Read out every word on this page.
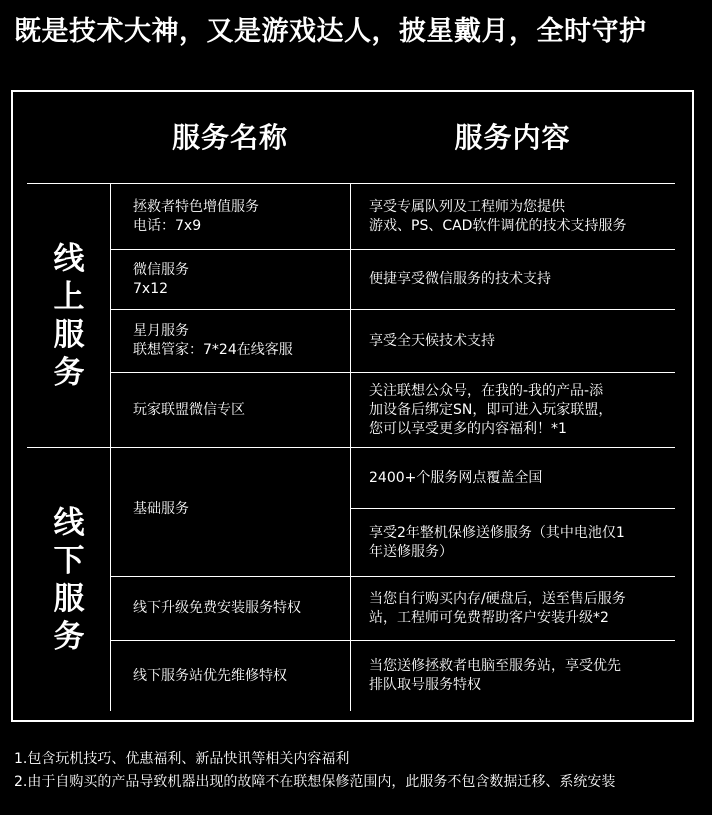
既是技术大神，又是游戏达人，披星戴月，全时守护
服务名称	服务内容
线上服务
线下服务
拯救者特色增值服务
电话：7x9
享受专属队列及工程师为您提供
游戏、PS、CAD软件调优的技术支持服务
微信服务
7x12
便捷享受微信服务的技术支持
星月服务
联想管家：7*24在线客服
享受全天候技术支持
玩家联盟微信专区
关注联想公众号，在我的-我的产品-添
加设备后绑定SN，即可进入玩家联盟，
您可以享受更多的内容福利！*1
基础服务
2400+个服务网点覆盖全国
享受2年整机保修送修服务（其中电池仅1
年送修服务）
线下升级免费安装服务特权
当您自行购买内存/硬盘后，送至售后服务
站，工程师可免费帮助客户安装升级*2
线下服务站优先维修特权
当您送修拯救者电脑至服务站，享受优先
排队取号服务特权
1.包含玩机技巧、优惠福利、新品快讯等相关内容福利
2.由于自购买的产品导致机器出现的故障不在联想保修范围内，此服务不包含数据迁移、系统安装
